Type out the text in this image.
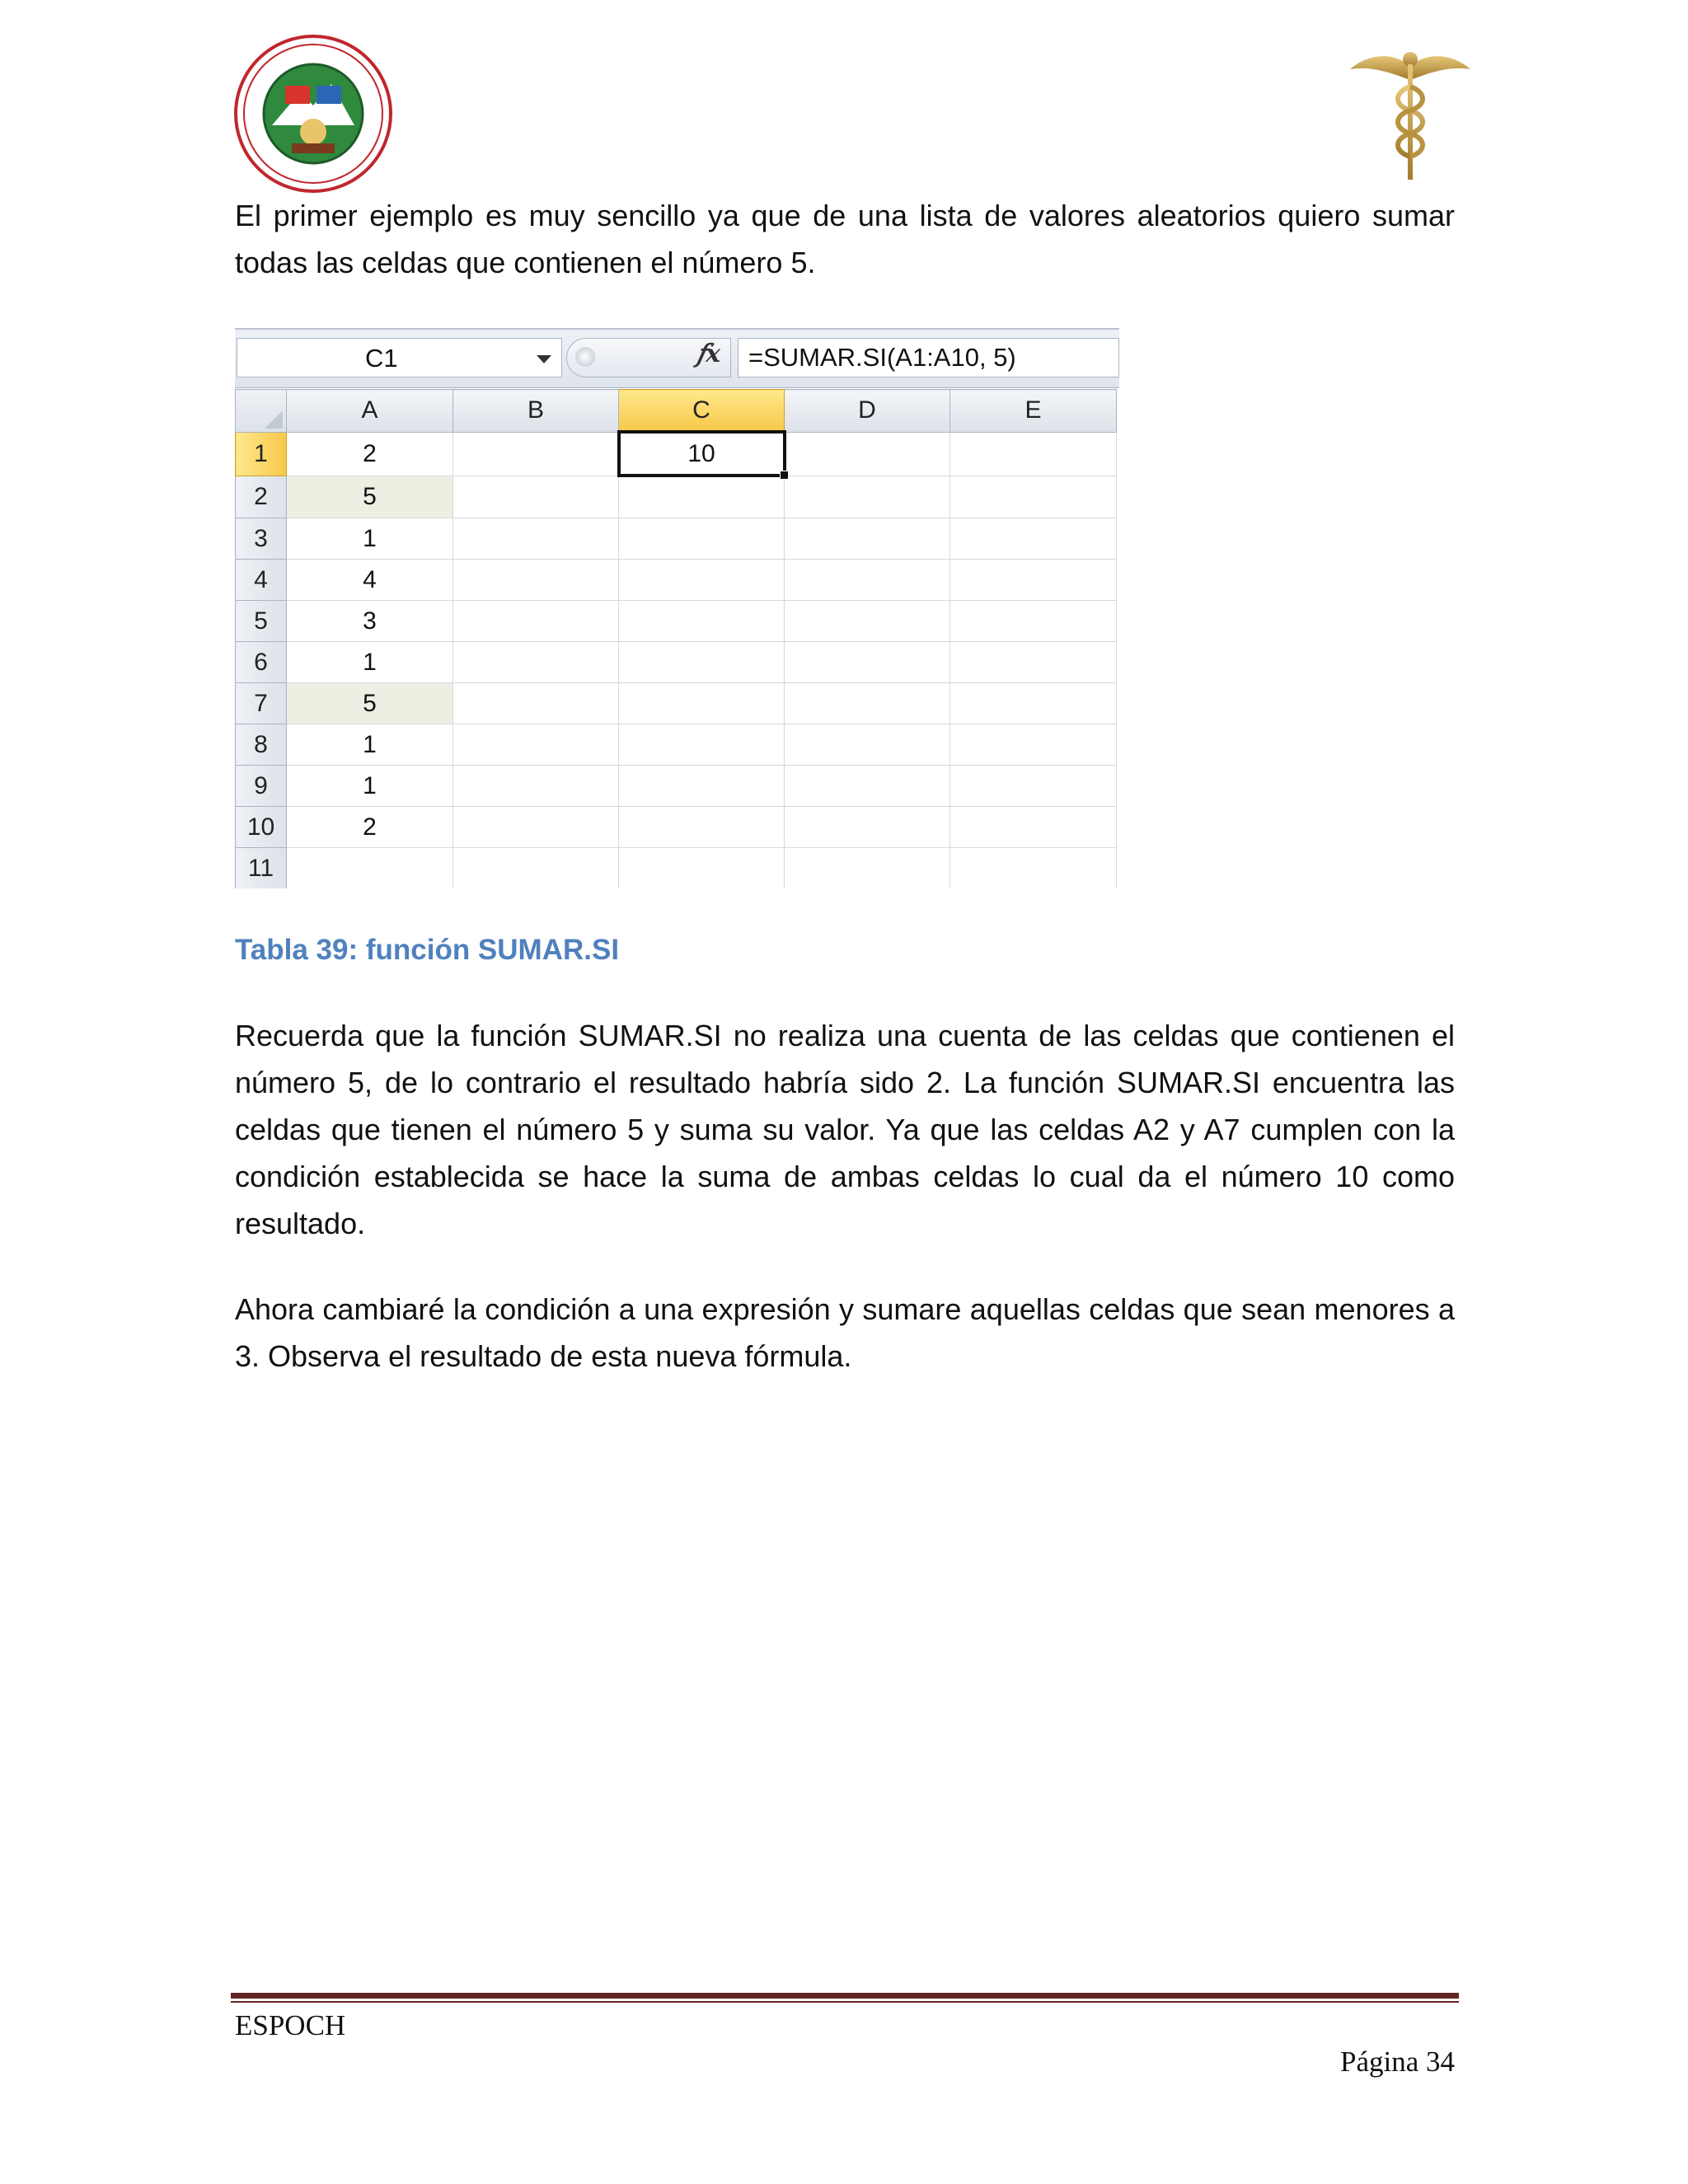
El primer ejemplo es muy sencillo ya que de una lista de valores aleatorios quiero sumar todas las celdas que contienen el número 5.

C1	𝑓x	=SUMAR.SI(A1:A10, 5)
	A	B	C	D	E
1	2		10		
2	5				
3	1				
4	4				
5	3				
6	1				
7	5				
8	1				
9	1				
10	2				
11					

Tabla 39: función SUMAR.SI

Recuerda que la función SUMAR.SI no realiza una cuenta de las celdas que contienen el número 5, de lo contrario el resultado habría sido 2. La función SUMAR.SI encuentra las celdas que tienen el número 5 y suma su valor. Ya que las celdas A2 y A7 cumplen con la condición establecida se hace la suma de ambas celdas lo cual da el número 10 como resultado.

Ahora cambiaré la condición a una expresión y sumare aquellas celdas que sean menores a 3. Observa el resultado de esta nueva fórmula.

ESPOCH

Página 34
